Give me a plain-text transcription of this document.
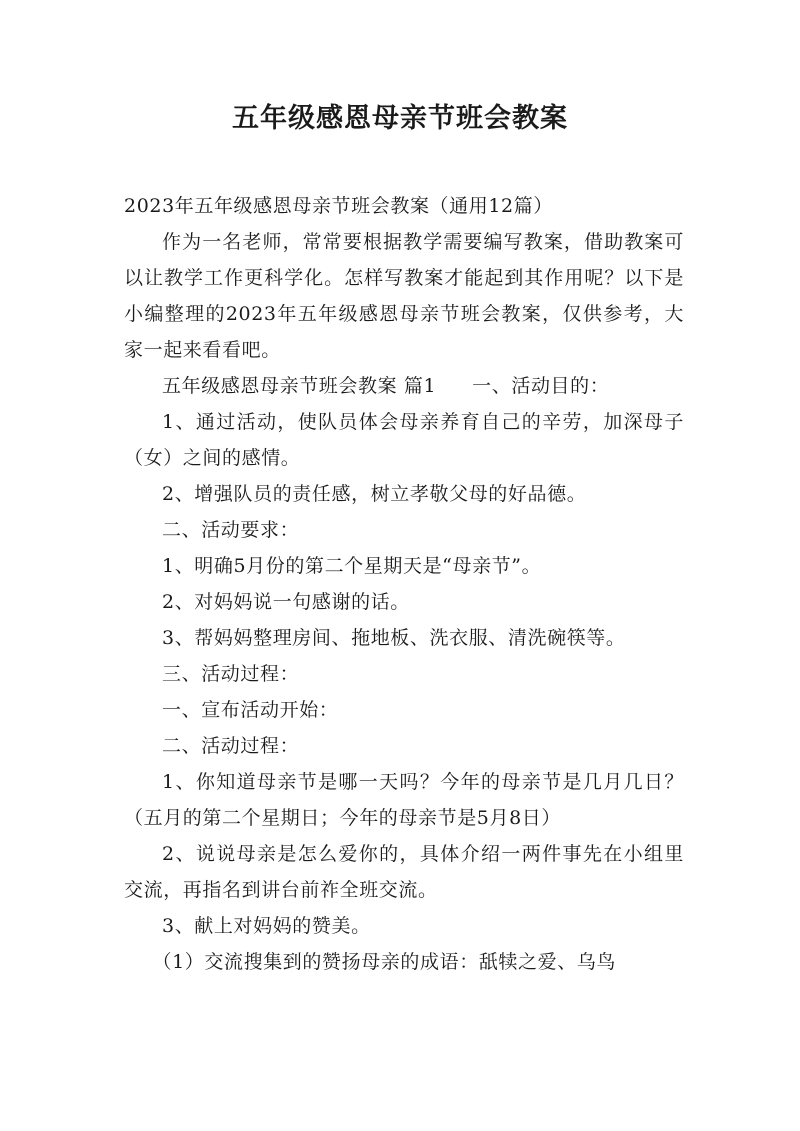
五年级感恩母亲节班会教案

2023年五年级感恩母亲节班会教案（通用12篇）

作为一名老师，常常要根据教学需要编写教案，借助教案可以让教学工作更科学化。怎样写教案才能起到其作用呢？以下是小编整理的2023年五年级感恩母亲节班会教案，仅供参考，大家一起来看看吧。

五年级感恩母亲节班会教案 篇1 一、活动目的：

1、通过活动，使队员体会母亲养育自己的辛劳，加深母子（女）之间的感情。

2、增强队员的责任感，树立孝敬父母的好品德。

二、活动要求：

1、明确5月份的第二个星期天是“母亲节”。

2、对妈妈说一句感谢的话。

3、帮妈妈整理房间、拖地板、洗衣服、清洗碗筷等。

三、活动过程：

一、宣布活动开始：

二、活动过程：

1、你知道母亲节是哪一天吗？今年的母亲节是几月几日？（五月的第二个星期日；今年的母亲节是5月8日）

2、说说母亲是怎么爱你的，具体介绍一两件事先在小组里交流，再指名到讲台前祚全班交流。

3、献上对妈妈的赞美。

（1）交流搜集到的赞扬母亲的成语：舐犊之爱、乌鸟
